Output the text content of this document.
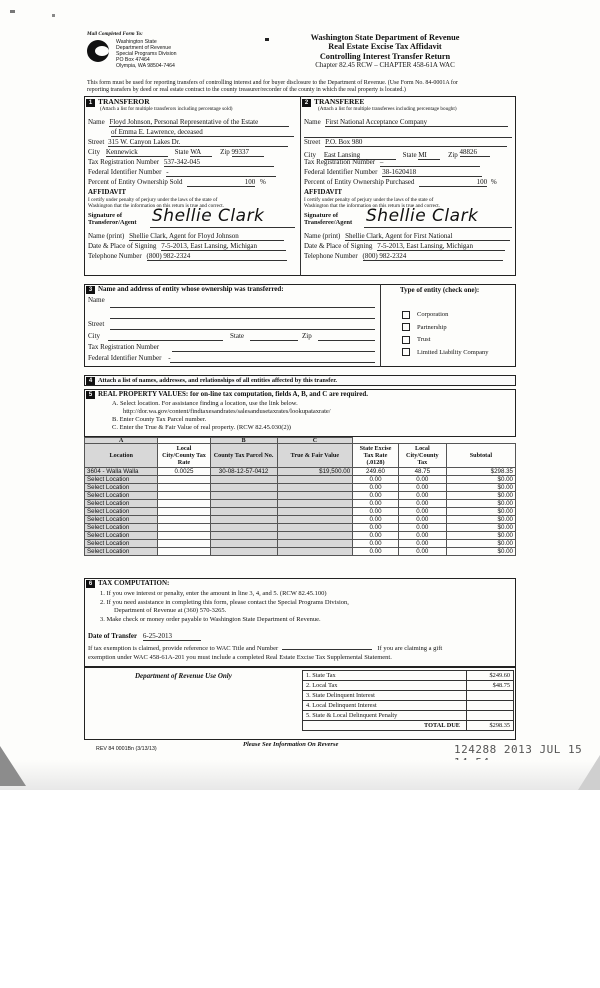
Mail Completed Form To:
Washington State
Department of Revenue
Special Programs Division
PO Box 47464
Olympia, WA 98504-7464
Washington State Department of Revenue
Real Estate Excise Tax Affidavit
Controlling Interest Transfer Return
Chapter 82.45 RCW – CHAPTER 458-61A WAC
This form must be used for reporting transfers of controlling interest and for buyer disclosure to the Department of Revenue. (Use Form No. 84-0001A for
reporting transfers by deed or real estate contract to the county treasurer/recorder of the county in which the real property is located.)
1 TRANSFEROR
(Attach a list for multiple transferors including percentage sold)
Name Floyd Johnson, Personal Representative of the Estate
of Emma E. Lawrence, deceased
Street 315 W. Canyon Lakes Dr.
City Kennewick	State WA	Zip 99337
Tax Registration Number 537-342-045
Federal Identifier Number -
Percent of Entity Ownership Sold	100 %
AFFIDAVIT
I certify under penalty of perjury under the laws of the state of
Washington that the information on this return is true and correct.
Signature of
Transferor/Agent Shellie Clark
Name (print) Shellie Clark, Agent for Floyd Johnson
Date & Place of Signing 7-5-2013, East Lansing, Michigan
Telephone Number (800) 982-2324
2 TRANSFEREE
(Attach a list for multiple transferees including percentage bought)
Name First National Acceptance Company
Street P.O. Box 980
City East Lansing	State MI	Zip 48826
Tax Registration Number –
Federal Identifier Number 38-1620418
Percent of Entity Ownership Purchased	100 %
AFFIDAVIT
I certify under penalty of perjury under the laws of the state of
Washington that the information on this return is true and correct.
Signature of
Transferee/Agent Shellie Clark
Name (print) Shellie Clark, Agent for First National
Date & Place of Signing 7-5-2013, East Lansing, Michigan
Telephone Number (800) 982-2324
3 Name and address of entity whose ownership was transferred:
Name
Street
City	State	Zip
Tax Registration Number
Federal Identifier Number -
Type of entity (check one):
Corporation
Partnership
Trust
Limited Liability Company
4 Attach a list of names, addresses, and relationships of all entities affected by this transfer.
5 REAL PROPERTY VALUES: for on-line tax computation, fields A, B, and C are required.
A. Select location. For assistance finding a location, use the link below.
http://dor.wa.gov/content/findtaxesandrates/salesandusetaxrates/lookupataxrate/
B. Enter County Tax Parcel number.
C. Enter the True & Fair Value of real property. (RCW 82.45.030(2))
A		B	C			
Location	Local City/County Tax Rate	County Tax Parcel No.	True & Fair Value	State Excise Tax Rate (.0128)	Local City/County Tax	Subtotal
3604 - Walla Walla	0.0025	30-08-12-57-0412	$19,500.00	249.60	48.75	$298.35
Select Location				0.00	0.00	$0.00
Select Location				0.00	0.00	$0.00
Select Location				0.00	0.00	$0.00
Select Location				0.00	0.00	$0.00
Select Location				0.00	0.00	$0.00
Select Location				0.00	0.00	$0.00
Select Location				0.00	0.00	$0.00
Select Location				0.00	0.00	$0.00
Select Location				0.00	0.00	$0.00
Select Location				0.00	0.00	$0.00
6 TAX COMPUTATION:
1. If you owe interest or penalty, enter the amount in line 3, 4, and 5. (RCW 82.45.100)
2. If you need assistance in completing this form, please contact the Special Programs Division,
Department of Revenue at (360) 570-3265.
3. Make check or money order payable to Washington State Department of Revenue.
Date of Transfer 6-25-2013
If tax exemption is claimed, provide reference to WAC Title and Number	If you are claiming a gift
exemption under WAC 458-61A-201 you must include a completed Real Estate Excise Tax Supplemental Statement.
Department of Revenue Use Only	1. State Tax	$249.60
2. Local Tax	$48.75
3. State Delinquent Interest	
4. Local Delinquent Interest	
5. State & Local Delinquent Penalty	
TOTAL DUE	$298.35
REV 84 0001Bn (3/13/13)
Please See Information On Reverse	124288 2013 JUL 15
